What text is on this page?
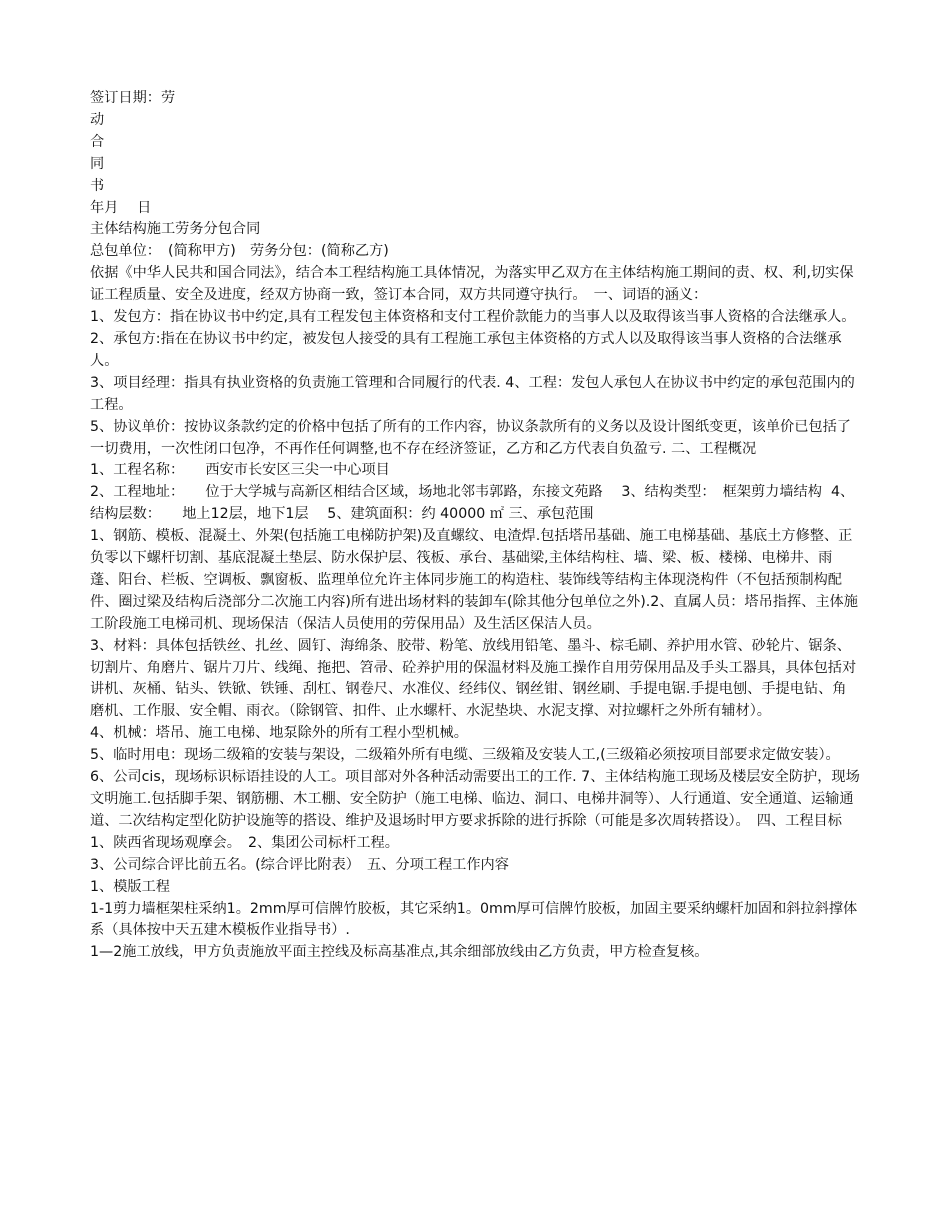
签订日期：劳

动

合

同

书

年月　 日

主体结构施工劳务分包合同

总包单位：　(简称甲方)　劳务分包：(简称乙方)

依据《中华人民共和国合同法》，结合本工程结构施工具体情况，为落实甲乙双方在主体结构施工期间的责、权、利,切实保证工程质量、安全及进度，经双方协商一致，签订本合同，双方共同遵守执行。　一、词语的涵义：

1、发包方：指在协议书中约定,具有工程发包主体资格和支付工程价款能力的当事人以及取得该当事人资格的合法继承人。

2、承包方:指在在协议书中约定，被发包人接受的具有工程施工承包主体资格的方式人以及取得该当事人资格的合法继承人。

3、项目经理：指具有执业资格的负责施工管理和合同履行的代表. 4、工程：发包人承包人在协议书中约定的承包范围内的工程。

5、协议单价：按协议条款约定的价格中包括了所有的工作内容，协议条款所有的义务以及设计图纸变更，该单价已包括了一切费用，一次性闭口包净，不再作任何调整,也不存在经济签证，乙方和乙方代表自负盈亏. 二、工程概况

1、工程名称：　　西安市长安区三尖一中心项目

2、工程地址：　　位于大学城与高新区相结合区域，场地北邻韦郭路，东接文苑路　 3、结构类型：　框架剪力墙结构  4、结构层数：　　地上12层，地下1层　 5、建筑面积：约 40000 ㎡ 三、承包范围

1、钢筋、模板、混凝土、外架(包括施工电梯防护架)及直螺纹、电渣焊.包括塔吊基础、施工电梯基础、基底土方修整、正负零以下螺杆切割、基底混凝土垫层、防水保护层、筏板、承台、基础梁,主体结构柱、墙、梁、板、楼梯、电梯井、雨蓬、阳台、栏板、空调板、飘窗板、监理单位允许主体同步施工的构造柱、装饰线等结构主体现浇构件（不包括预制构配件、圈过梁及结构后浇部分二次施工内容)所有进出场材料的装卸车(除其他分包单位之外).2、直属人员：塔吊指挥、主体施工阶段施工电梯司机、现场保洁（保洁人员使用的劳保用品）及生活区保洁人员。

3、材料：具体包括铁丝、扎丝、圆钉、海绵条、胶带、粉笔、放线用铅笔、墨斗、棕毛刷、养护用水管、砂轮片、锯条、切割片、角磨片、锯片刀片、线绳、拖把、笤帚、砼养护用的保温材料及施工操作自用劳保用品及手头工器具，具体包括对讲机、灰桶、钻头、铁锨、铁锤、刮杠、钢卷尺、水准仪、经纬仪、钢丝钳、钢丝刷、手提电锯.手提电刨、手提电钻、角磨机、工作服、安全帽、雨衣。（除钢管、扣件、止水螺杆、水泥垫块、水泥支撑、对拉螺杆之外所有辅材）。

4、机械：塔吊、施工电梯、地泵除外的所有工程小型机械。

5、临时用电：现场二级箱的安装与架设，二级箱外所有电缆、三级箱及安装人工,(三级箱必须按项目部要求定做安装）。

6、公司cis，现场标识标语挂设的人工。项目部对外各种活动需要出工的工作. 7、主体结构施工现场及楼层安全防护，现场文明施工.包括脚手架、钢筋棚、木工棚、安全防护（施工电梯、临边、洞口、电梯井洞等）、人行通道、安全通道、运输通道、二次结构定型化防护设施等的搭设、维护及退场时甲方要求拆除的进行拆除（可能是多次周转搭设）。　四、工程目标

1、陕西省现场观摩会。　2、集团公司标杆工程。

3、公司综合评比前五名。(综合评比附表）　五、分项工程工作内容

1、模版工程

1-1剪力墙框架柱采纳1。2mm厚可信牌竹胶板，其它采纳1。0mm厚可信牌竹胶板，加固主要采纳螺杆加固和斜拉斜撑体系（具体按中天五建木模板作业指导书）.

1—2施工放线，甲方负责施放平面主控线及标高基准点,其余细部放线由乙方负责，甲方检查复核。
